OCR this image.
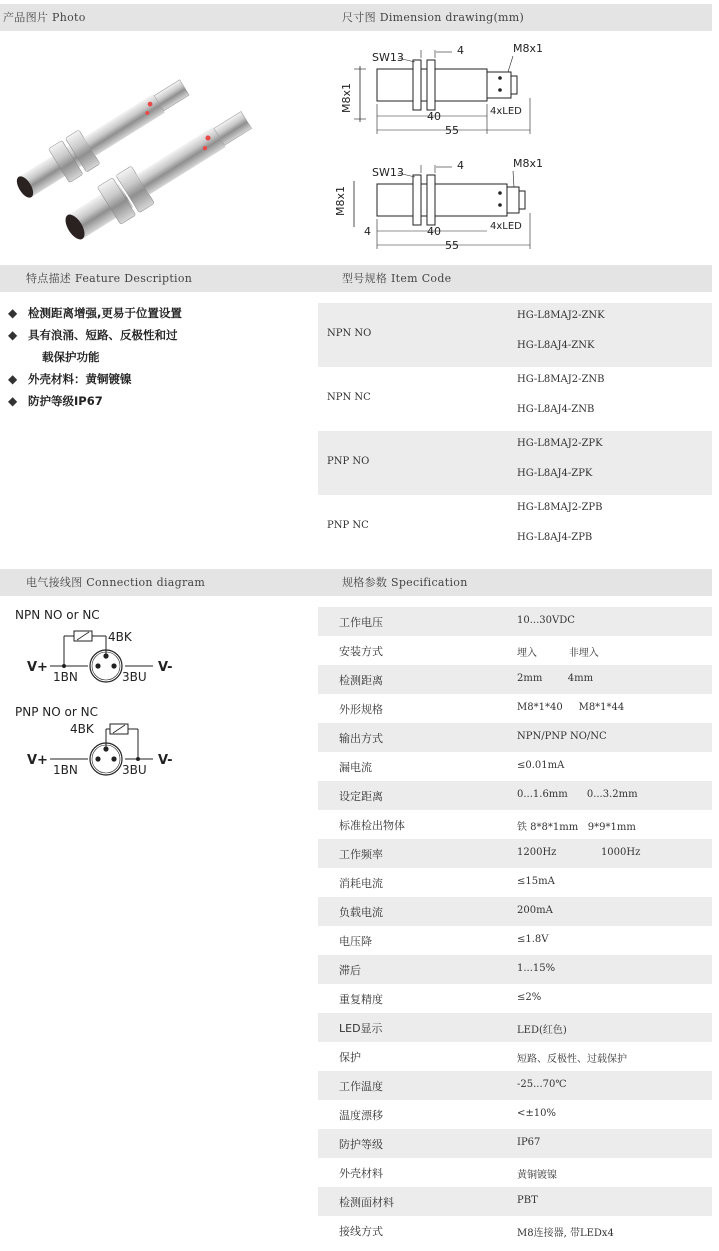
产品图片 Photo	尺寸图 Dimension drawing(mm)
特点描述 Feature Description	型号规格 Item Code
电气接线图 Connection diagram	规格参数 Specification
M8x1
SW13
4	M8x1
4xLED
40
55
M8x1
SW13
4	M8x1
4xLED
4	40
55
◆ 检测距离增强,更易于位置设置
◆ 具有浪涌、短路、反极性和过
载保护功能
◆ 外壳材料：黄铜镀镍
◆ 防护等级IP67
NPN NO
HG-L8MAJ2-ZNK
HG-L8AJ4-ZNK
NPN NC
HG-L8MAJ2-ZNB
HG-L8AJ4-ZNB
PNP NO
HG-L8MAJ2-ZPK
HG-L8AJ4-ZPK
PNP NC
HG-L8MAJ2-ZPB
HG-L8AJ4-ZPB
NPN NO or NC
V+	V-
4BK
1BN	3BU
PNP NO or NC
V+	V-
4BK
1BN	3BU
工作电压	10...30VDC
安装方式	埋入          非埋入
检测距离	2mm        4mm
外形规格	M8*1*40     M8*1*44
输出方式	NPN/PNP NO/NC
漏电流	≤0.01mA
设定距离	0...1.6mm      0...3.2mm
标准检出物体	铁 8*8*1mm   9*9*1mm
工作频率	1200Hz              1000Hz
消耗电流	≤15mA
负载电流	200mA
电压降	≤1.8V
滞后	1...15%
重复精度	≤2%
LED显示	LED(红色)
保护	短路、反极性、过载保护
工作温度	-25...70℃
温度漂移	<±10%
防护等级	IP67
外壳材料	黄铜镀镍
检测面材料	PBT
接线方式	M8连接器, 带LEDx4
